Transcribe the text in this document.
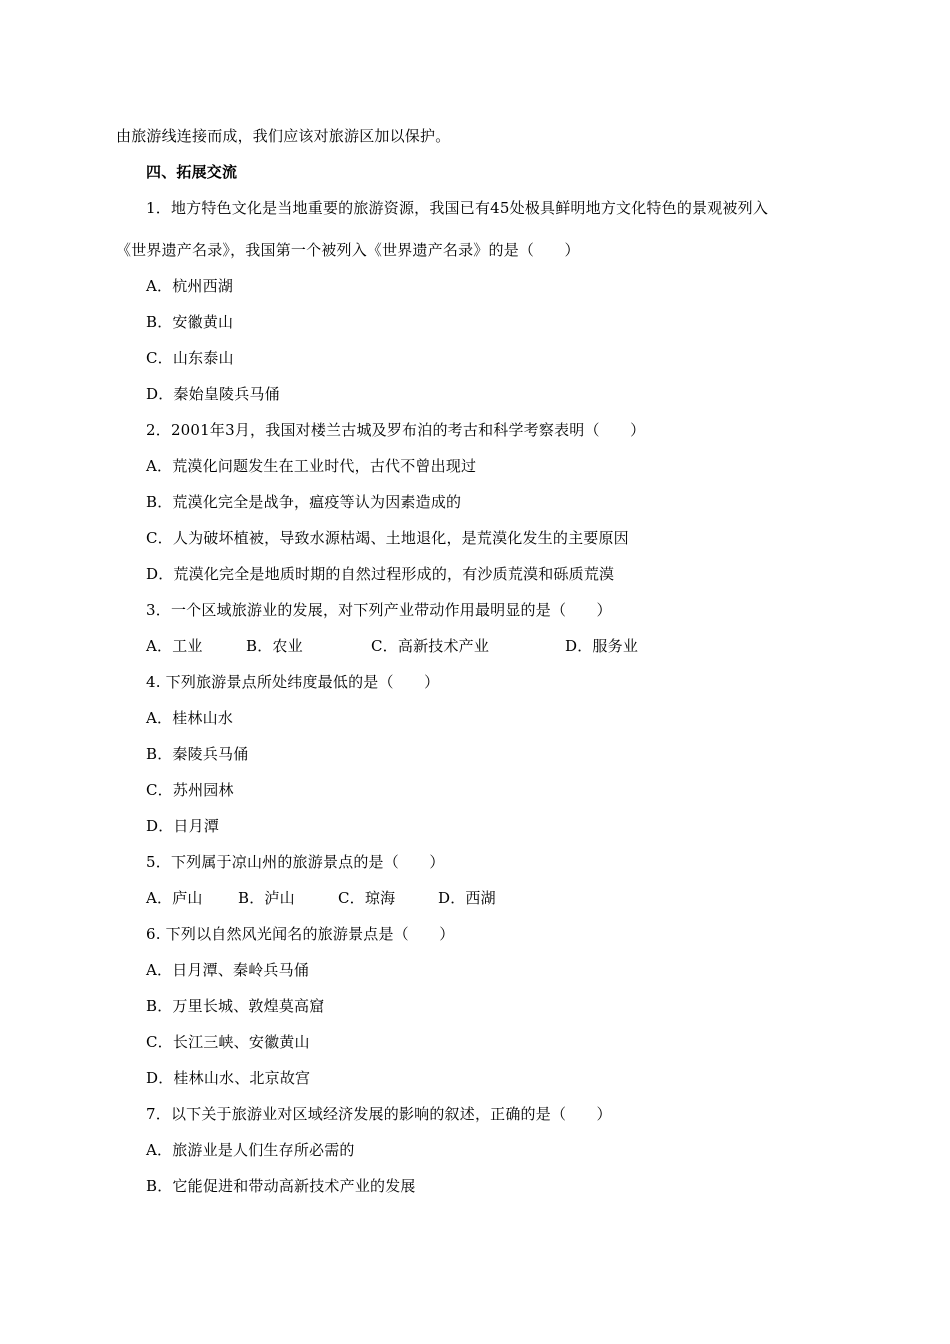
由旅游线连接而成，我们应该对旅游区加以保护。
四、拓展交流
1．地方特色文化是当地重要的旅游资源，我国已有45处极具鲜明地方文化特色的景观被列入
《世界遗产名录》，我国第一个被列入《世界遗产名录》的是（　　）
A．杭州西湖
B．安徽黄山
C．山东泰山
D．秦始皇陵兵马俑
2．2001年3月，我国对楼兰古城及罗布泊的考古和科学考察表明（　　）
A．荒漠化问题发生在工业时代，古代不曾出现过
B．荒漠化完全是战争，瘟疫等认为因素造成的
C．人为破坏植被，导致水源枯竭、土地退化，是荒漠化发生的主要原因
D．荒漠化完全是地质时期的自然过程形成的，有沙质荒漠和砾质荒漠
3．一个区域旅游业的发展，对下列产业带动作用最明显的是（　　）
A．工业	B．农业	C．高新技术产业	D．服务业
4. 下列旅游景点所处纬度最低的是（　　）
A．桂林山水
B．秦陵兵马俑
C．苏州园林
D．日月潭
5．下列属于凉山州的旅游景点的是（　　）
A．庐山 B．泸山	C．琼海	D．西湖
6. 下列以自然风光闻名的旅游景点是（　　）
A．日月潭、秦岭兵马俑
B．万里长城、敦煌莫高窟
C．长江三峡、安徽黄山
D．桂林山水、北京故宫
7．以下关于旅游业对区域经济发展的影响的叙述，正确的是（　　）
A．旅游业是人们生存所必需的
B．它能促进和带动高新技术产业的发展
